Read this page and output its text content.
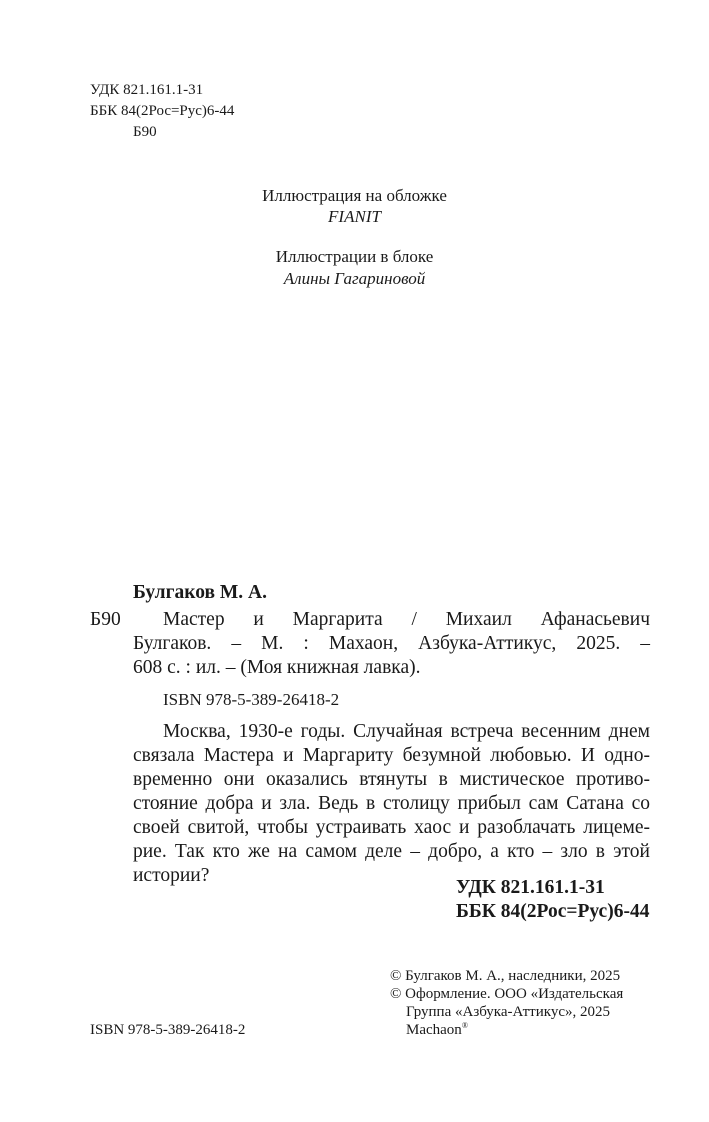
УДК 821.161.1-31
ББК 84(2Рос=Рус)6-44
Б90
Иллюстрация на обложке
FIANIT
Иллюстрации в блоке
Алины Гагариновой
Булгаков М. А.
Б90 Мастер и Маргарита / Михаил Афанасьевич
Булгаков. – М. : Махаон, Азбука-Аттикус, 2025. –
608 с. : ил. – (Моя книжная лавка).
ISBN 978-5-389-26418-2
Москва, 1930-е годы. Случайная встреча весенним днем
связала Мастера и Маргариту безумной любовью. И одно-
временно они оказались втянуты в мистическое противо-
стояние добра и зла. Ведь в столицу прибыл сам Сатана со
своей свитой, чтобы устраивать хаос и разоблачать лицеме-
рие. Так кто же на самом деле – добро, а кто – зло в этой
истории?
УДК 821.161.1-31
ББК 84(2Рос=Рус)6-44
© Булгаков М. А., наследники, 2025
© Оформление. ООО «Издательская
Группа «Азбука-Аттикус», 2025
Machaon®
ISBN 978-5-389-26418-2
